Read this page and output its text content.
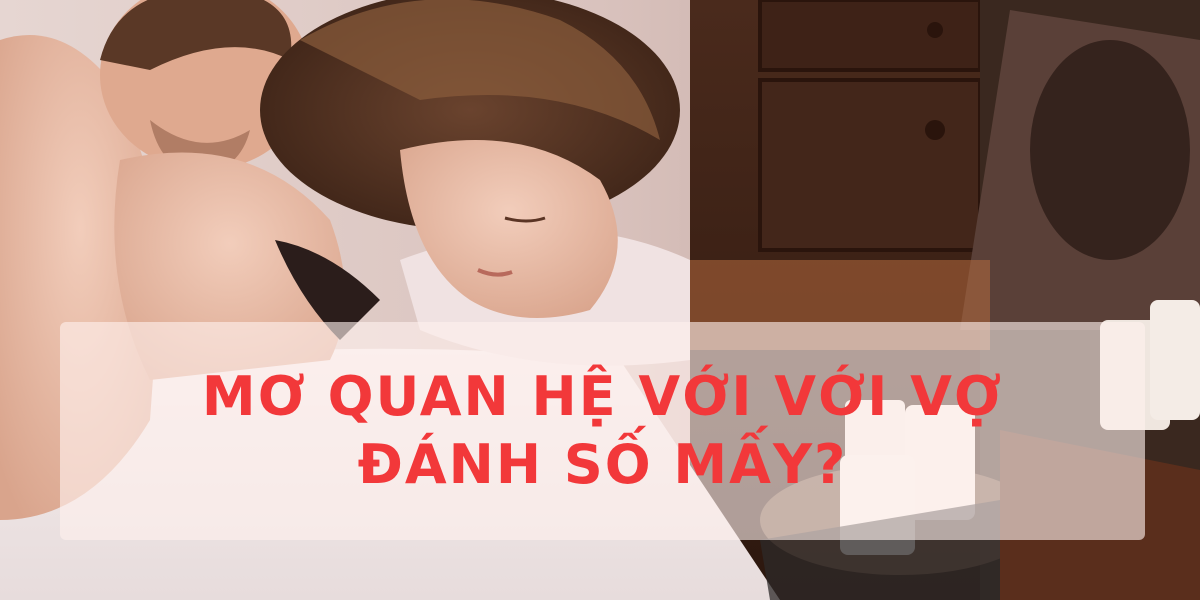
MƠ QUAN HỆ VỚI VỚI VỢ
ĐÁNH SỐ MẤY?
